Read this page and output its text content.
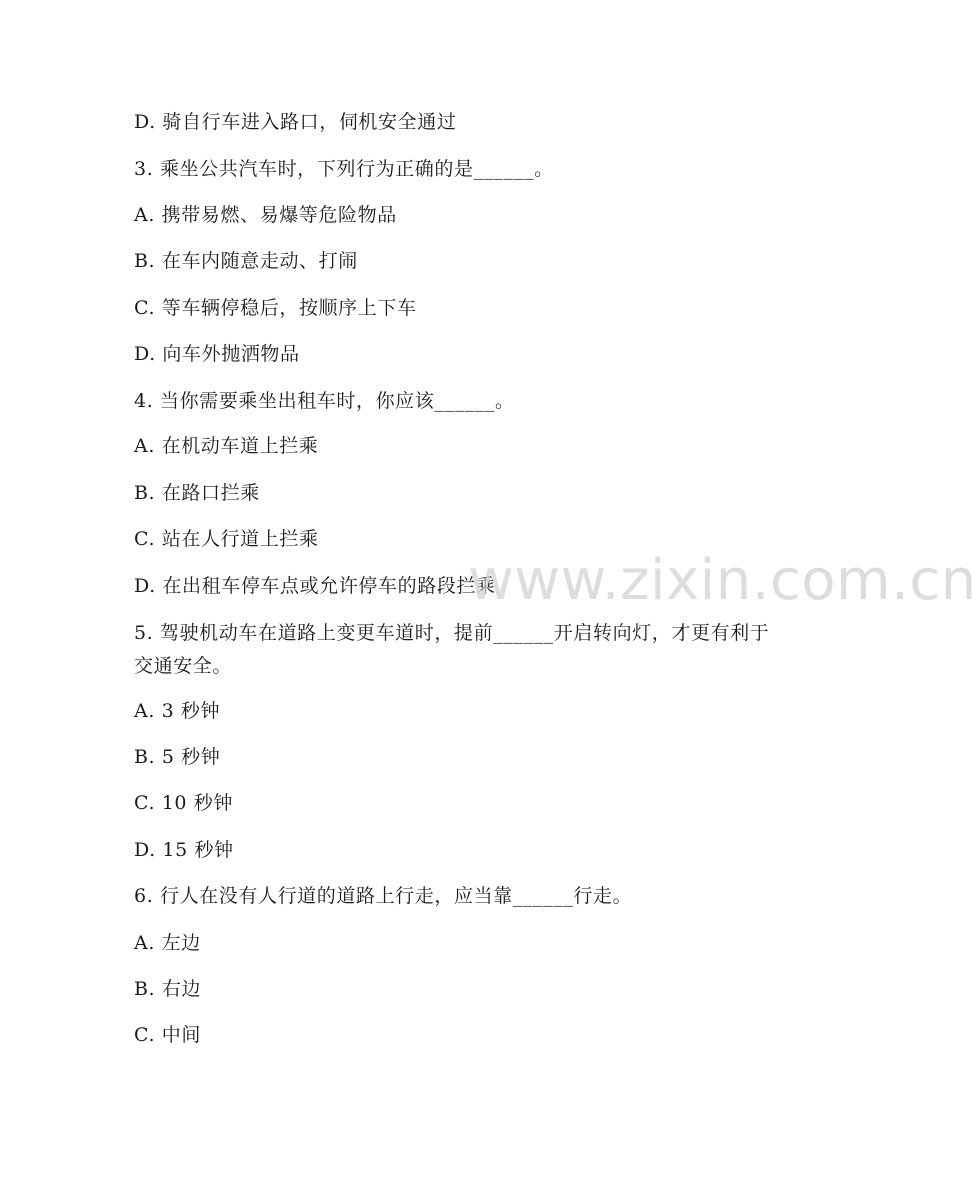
D. 骑自行车进入路口，伺机安全通过
3. 乘坐公共汽车时，下列行为正确的是______。
A. 携带易燃、易爆等危险物品
B. 在车内随意走动、打闹
C. 等车辆停稳后，按顺序上下车
D. 向车外抛洒物品
4. 当你需要乘坐出租车时，你应该______。
A. 在机动车道上拦乘
B. 在路口拦乘
C. 站在人行道上拦乘
D. 在出租车停车点或允许停车的路段拦乘
5. 驾驶机动车在道路上变更车道时，提前______开启转向灯，才更有利于交通安全。
A. 3 秒钟
B. 5 秒钟
C. 10 秒钟
D. 15 秒钟
6. 行人在没有人行道的道路上行走，应当靠______行走。
A. 左边
B. 右边
C. 中间
www.zixin.com.cn
